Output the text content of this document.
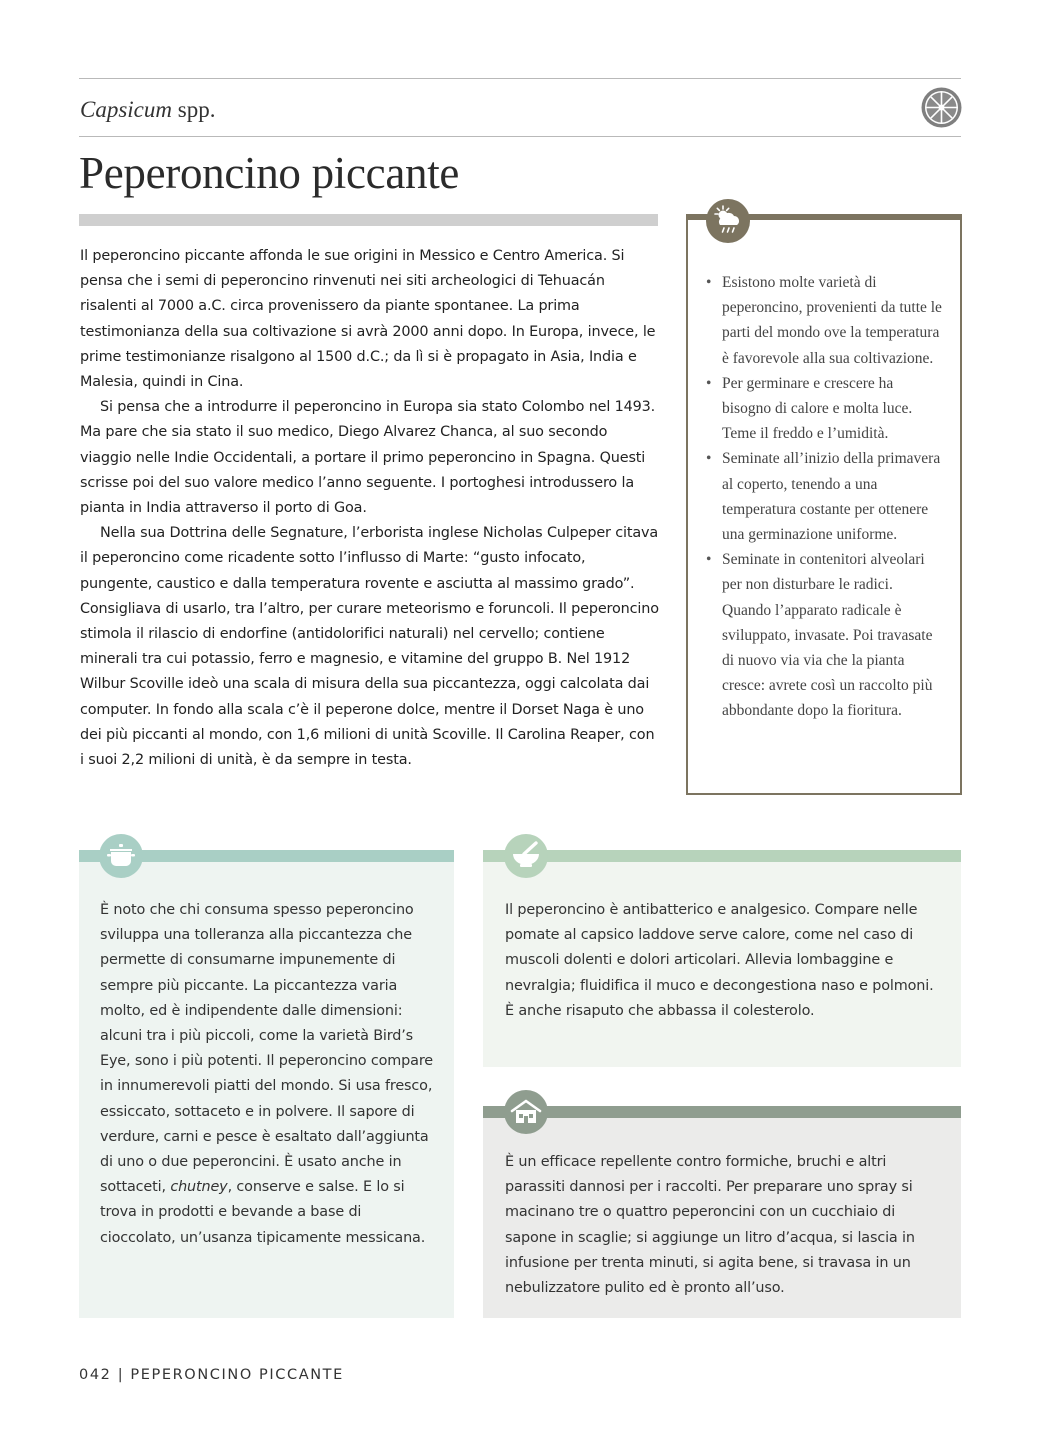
Capsicum spp.
Peperoncino piccante

Il peperoncino piccante affonda le sue origini in Messico e Centro America. Si pensa che i semi di peperoncino rinvenuti nei siti archeologici di Tehuacán risalenti al 7000 a.C. circa provenissero da piante spontanee. La prima testimonianza della sua coltivazione si avrà 2000 anni dopo. In Europa, invece, le prime testimonianze risalgono al 1500 d.C.; da lì si è propagato in Asia, India e Malesia, quindi in Cina.

Si pensa che a introdurre il peperoncino in Europa sia stato Colombo nel 1493. Ma pare che sia stato il suo medico, Diego Alvarez Chanca, al suo secondo viaggio nelle Indie Occidentali, a portare il primo peperoncino in Spagna. Questi scrisse poi del suo valore medico l’anno seguente. I portoghesi introdussero la pianta in India attraverso il porto di Goa.

Nella sua Dottrina delle Segnature, l’erborista inglese Nicholas Culpeper citava il peperoncino come ricadente sotto l’influsso di Marte: “gusto infocato, pungente, caustico e dalla temperatura rovente e asciutta al massimo grado”. Consigliava di usarlo, tra l’altro, per curare meteorismo e foruncoli. Il peperoncino stimola il rilascio di endorfine (antidolorifici naturali) nel cervello; contiene minerali tra cui potassio, ferro e magnesio, e vitamine del gruppo B. Nel 1912 Wilbur Scoville ideò una scala di misura della sua piccantezza, oggi calcolata dai computer. In fondo alla scala c’è il peperone dolce, mentre il Dorset Naga è uno dei più piccanti al mondo, con 1,6 milioni di unità Scoville. Il Carolina Reaper, con i suoi 2,2 milioni di unità, è da sempre in testa.

• Esistono molte varietà di peperoncino, provenienti da tutte le parti del mondo ove la temperatura è favorevole alla sua coltivazione.
• Per germinare e crescere ha bisogno di calore e molta luce. Teme il freddo e l’umidità.
• Seminate all’inizio della primavera al coperto, tenendo a una temperatura costante per ottenere una germinazione uniforme.
• Seminate in contenitori alveolari per non disturbare le radici. Quando l’apparato radicale è sviluppato, invasate. Poi travasate di nuovo via via che la pianta cresce: avrete così un raccolto più abbondante dopo la fioritura.

È noto che chi consuma spesso peperoncino sviluppa una tolleranza alla piccantezza che permette di consumarne impunemente di sempre più piccante. La piccantezza varia molto, ed è indipendente dalle dimensioni: alcuni tra i più piccoli, come la varietà Bird’s Eye, sono i più potenti. Il peperoncino compare in innumerevoli piatti del mondo. Si usa fresco, essiccato, sottaceto e in polvere. Il sapore di verdure, carni e pesce è esaltato dall’aggiunta di uno o due peperoncini. È usato anche in sottaceti, chutney, conserve e salse. E lo si trova in prodotti e bevande a base di cioccolato, un’usanza tipicamente messicana.

Il peperoncino è antibatterico e analgesico. Compare nelle pomate al capsico laddove serve calore, come nel caso di muscoli dolenti e dolori articolari. Allevia lombaggine e nevralgia; fluidifica il muco e decongestiona naso e polmoni. È anche risaputo che abbassa il colesterolo.

È un efficace repellente contro formiche, bruchi e altri parassiti dannosi per i raccolti. Per preparare uno spray si macinano tre o quattro peperoncini con un cucchiaio di sapone in scaglie; si aggiunge un litro d’acqua, si lascia in infusione per trenta minuti, si agita bene, si travasa in un nebulizzatore pulito ed è pronto all’uso.

042 | PEPERONCINO PICCANTE
